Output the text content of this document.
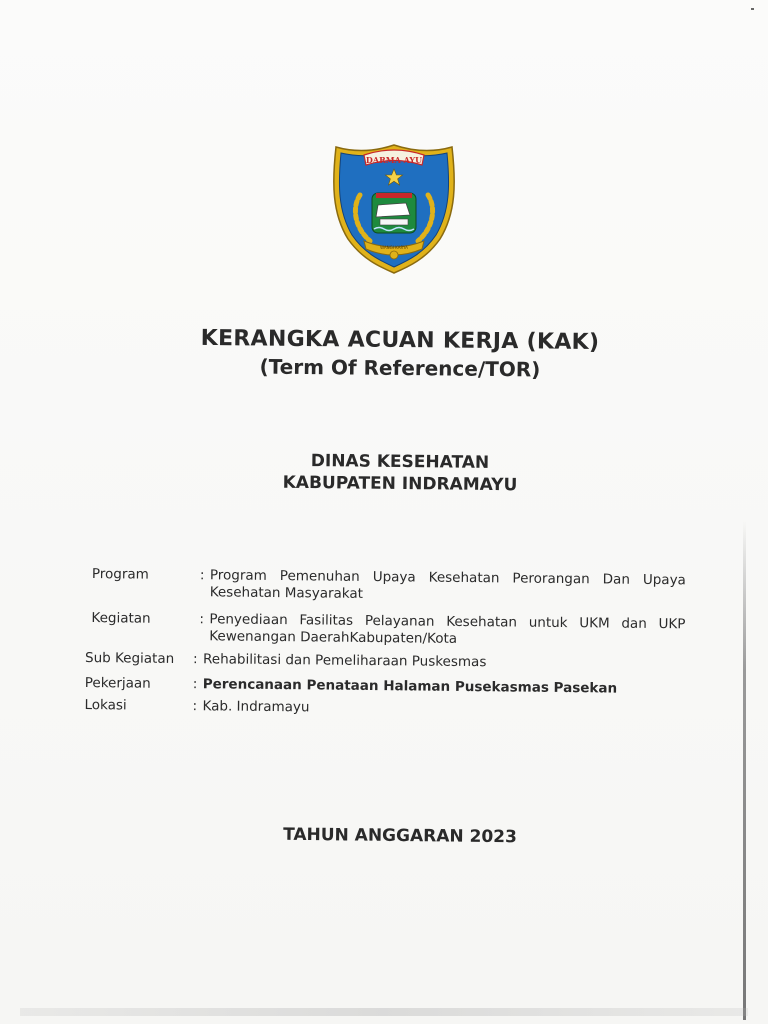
DARMA AYU
WANGI KARYA
KERANGKA ACUAN KERJA (KAK)
(Term Of Reference/TOR)
DINAS KESEHATAN
KABUPATEN INDRAMAYU
Program	: Program Pemenuhan Upaya Kesehatan Perorangan Dan Upaya Kesehatan Masyarakat
Kegiatan	: Penyediaan Fasilitas Pelayanan Kesehatan untuk UKM dan UKP Kewenangan DaerahKabupaten/Kota
Sub Kegiatan	: Rehabilitasi dan Pemeliharaan Puskesmas
Pekerjaan	: Perencanaan Penataan Halaman Pusekasmas Pasekan
Lokasi	: Kab. Indramayu
TAHUN ANGGARAN 2023
